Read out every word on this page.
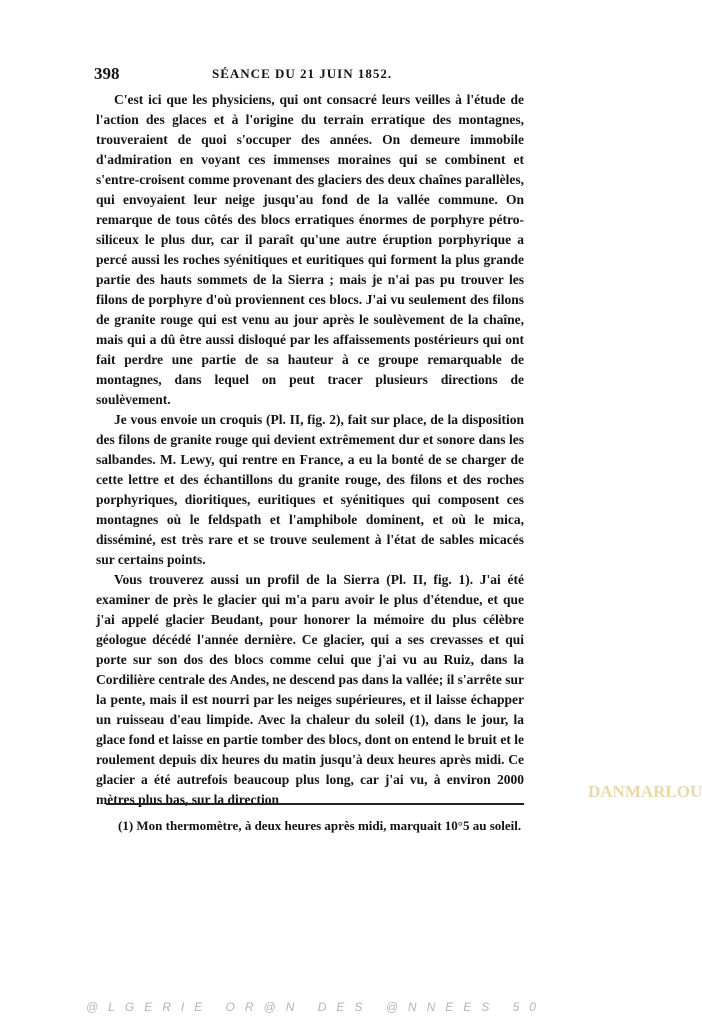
398	SÉANCE DU 21 JUIN 1852.

C'est ici que les physiciens, qui ont consacré leurs veilles à l'étude de l'action des glaces et à l'origine du terrain erratique des montagnes, trouveraient de quoi s'occuper des années. On demeure immobile d'admiration en voyant ces immenses moraines qui se combinent et s'entre-croisent comme provenant des glaciers des deux chaînes parallèles, qui envoyaient leur neige jusqu'au fond de la vallée commune. On remarque de tous côtés des blocs erratiques énormes de porphyre pétro-siliceux le plus dur, car il paraît qu'une autre éruption porphyrique a percé aussi les roches syénitiques et euritiques qui forment la plus grande partie des hauts sommets de la Sierra ; mais je n'ai pas pu trouver les filons de porphyre d'où proviennent ces blocs. J'ai vu seulement des filons de granite rouge qui est venu au jour après le soulèvement de la chaîne, mais qui a dû être aussi disloqué par les affaissements postérieurs qui ont fait perdre une partie de sa hauteur à ce groupe remarquable de montagnes, dans lequel on peut tracer plusieurs directions de soulèvement.

Je vous envoie un croquis (Pl. II, fig. 2), fait sur place, de la disposition des filons de granite rouge qui devient extrêmement dur et sonore dans les salbandes. M. Lewy, qui rentre en France, a eu la bonté de se charger de cette lettre et des échantillons du granite rouge, des filons et des roches porphyriques, dioritiques, euritiques et syénitiques qui composent ces montagnes où le feldspath et l'amphibole dominent, et où le mica, disséminé, est très rare et se trouve seulement à l'état de sables micacés sur certains points.

Vous trouverez aussi un profil de la Sierra (Pl. II, fig. 1). J'ai été examiner de près le glacier qui m'a paru avoir le plus d'étendue, et que j'ai appelé glacier Beudant, pour honorer la mémoire du plus célèbre géologue décédé l'année dernière. Ce glacier, qui a ses crevasses et qui porte sur son dos des blocs comme celui que j'ai vu au Ruiz, dans la Cordilière centrale des Andes, ne descend pas dans la vallée; il s'arrête sur la pente, mais il est nourri par les neiges supérieures, et il laisse échapper un ruisseau d'eau limpide. Avec la chaleur du soleil (1), dans le jour, la glace fond et laisse en partie tomber des blocs, dont on entend le bruit et le roulement depuis dix heures du matin jusqu'à deux heures après midi. Ce glacier a été autrefois beaucoup plus long, car j'ai vu, à environ 2000 mètres plus bas, sur la direction

(1) Mon thermomètre, à deux heures après midi, marquait 10°5 au soleil.
DANMARLOU
@LGERIE OR@N DES @NNEES 50
